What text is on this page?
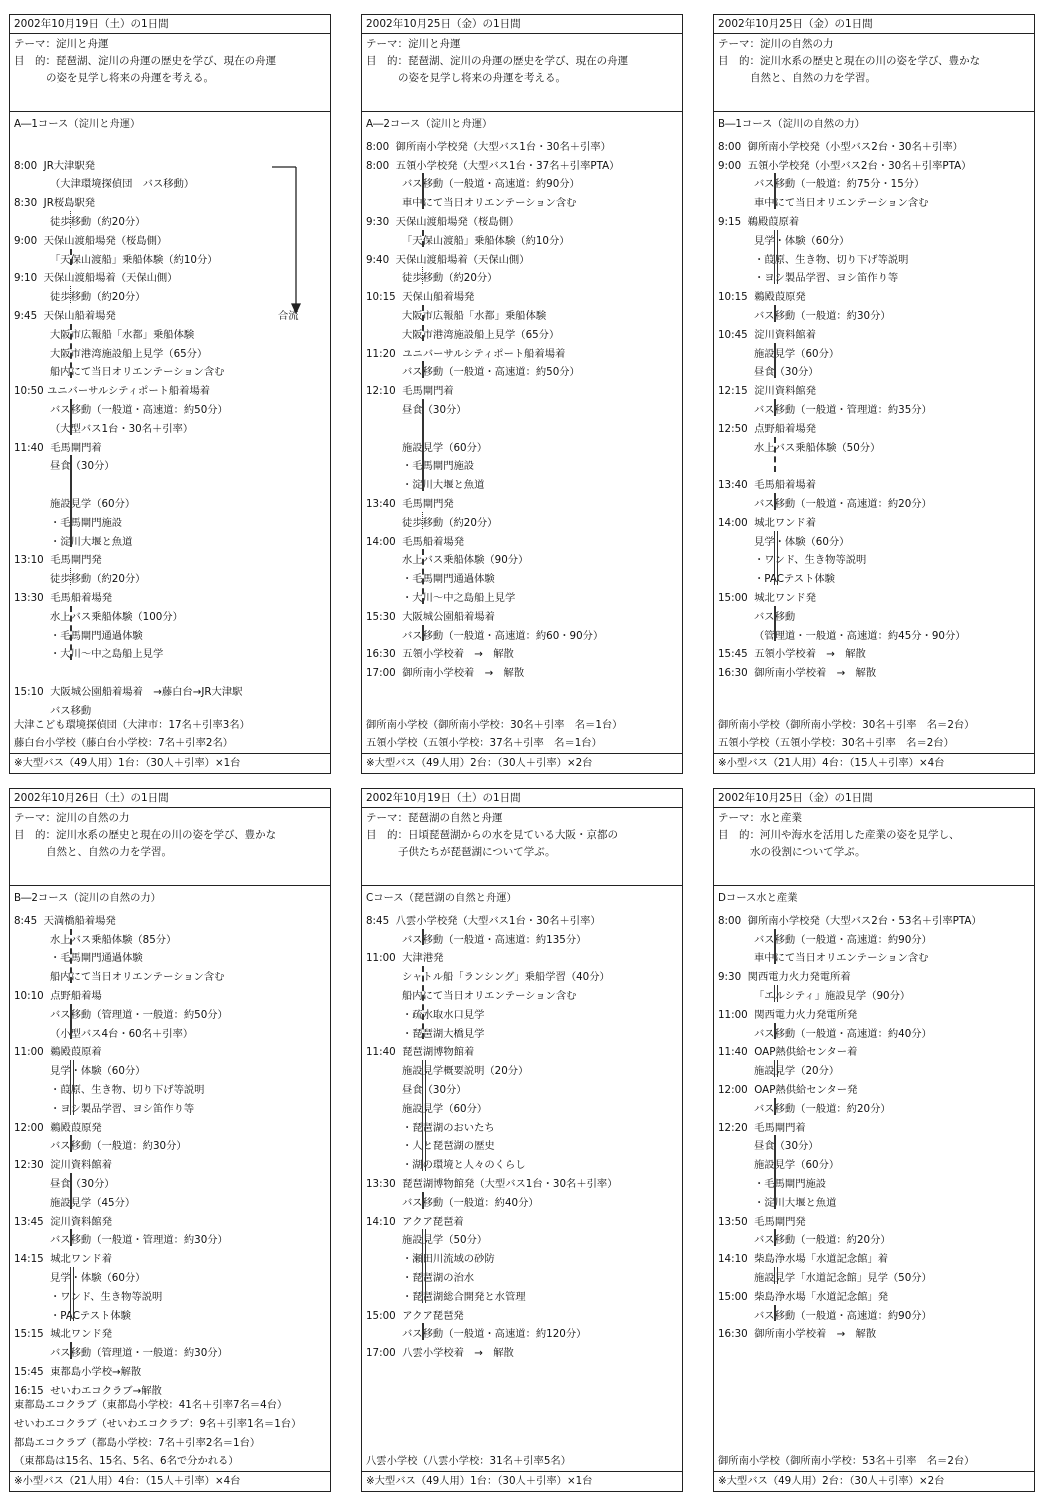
2002年10月19日（土）の1日間
テーマ：淀川と舟運
目　的：琵琶湖、淀川の舟運の歴史を学び、現在の舟運
の姿を見学し将来の舟運を考える。
A―1コース（淀川と舟運）
8:00  JR大津駅発
（大津環境探偵団　バス移動）
8:30  JR桜島駅発
徒歩移動（約20分）
9:00  天保山渡船場発（桜島側）
「天保山渡船」乗船体験（約10分）
9:10  天保山渡船場着（天保山側）
徒歩移動（約20分）
9:45  天保山船着場発
大阪市広報船「水都」乗船体験
大阪市港湾施設船上見学（65分）
船内にて当日オリエンテーション含む
10:50 ユニバーサルシティポート船着場着
バス移動（一般道・高速道：約50分）
（大型バス1台・30名＋引率）
11:40  毛馬閘門着
昼食（30分）
施設見学（60分）
・毛馬閘門施設
・淀川大堰と魚道
13:10  毛馬閘門発
徒歩移動（約20分）
13:30  毛馬船着場発
水上バス乗船体験（100分）
・毛馬閘門通過体験
・大川～中之島船上見学
15:10  大阪城公園船着場着　→藤白台→JR大津駅
バス移動
合流
大津こども環境探偵団（大津市：17名＋引率3名）
藤白台小学校（藤白台小学校：7名＋引率2名）
※大型バス（49人用）1台：（30人＋引率）×1台
2002年10月25日（金）の1日間
テーマ：淀川と舟運
目　的：琵琶湖、淀川の舟運の歴史を学び、現在の舟運
の姿を見学し将来の舟運を考える。
A―2コース（淀川と舟運）
8:00  御所南小学校発（大型バス1台・30名＋引率）
8:00  五領小学校発（大型バス1台・37名＋引率PTA）
バス移動（一般道・高速道：約90分）
車中にて当日オリエンテーション含む
9:30  天保山渡船場発（桜島側）
「天保山渡船」乗船体験（約10分）
9:40  天保山渡船場着（天保山側）
徒歩移動（約20分）
10:15  天保山船着場発
大阪市広報船「水都」乗船体験
大阪市港湾施設船上見学（65分）
11:20  ユニバーサルシティポート船着場着
バス移動（一般道・高速道：約50分）
12:10  毛馬閘門着
昼食（30分）
施設見学（60分）
・毛馬閘門施設
・淀川大堰と魚道
13:40  毛馬閘門発
徒歩移動（約20分）
14:00  毛馬船着場発
水上バス乗船体験（90分）
・毛馬閘門通過体験
・大川～中之島船上見学
15:30  大阪城公園船着場着
バス移動（一般道・高速道：約60・90分）
16:30  五領小学校着　→　解散
17:00  御所南小学校着　→　解散
御所南小学校（御所南小学校：30名＋引率　名＝1台）
五領小学校（五領小学校：37名＋引率　名＝1台）
※大型バス（49人用）2台：（30人＋引率）×2台
2002年10月25日（金）の1日間
テーマ：淀川の自然の力
目　的：淀川水系の歴史と現在の川の姿を学び、豊かな
自然と、自然の力を学習。
B―1コース（淀川の自然の力）
8:00  御所南小学校発（小型バス2台・30名＋引率）
9:00  五領小学校発（小型バス2台・30名＋引率PTA）
バス移動（一般道：約75分・15分）
車中にて当日オリエンテーション含む
9:15  鵜殿葭原着
見学・体験（60分）
・葭原、生き物、切り下げ等説明
・ヨシ製品学習、ヨシ笛作り等
10:15  鵜殿葭原発
バス移動（一般道：約30分）
10:45  淀川資料館着
施設見学（60分）
昼食（30分）
12:15  淀川資料館発
バス移動（一般道・管理道：約35分）
12:50  点野船着場発
水上バス乗船体験（50分）
13:40  毛馬船着場着
バス移動（一般道・高速道：約20分）
14:00  城北ワンド着
見学・体験（60分）
・ワンド、生き物等説明
・PACテスト体験
15:00  城北ワンド発
バス移動
（管理道・一般道・高速道：約45分・90分）
15:45  五領小学校着　→　解散
16:30  御所南小学校着　→　解散
御所南小学校（御所南小学校：30名＋引率　名＝2台）
五領小学校（五領小学校：30名＋引率　名＝2台）
※小型バス（21人用）4台：（15人＋引率）×4台
2002年10月26日（土）の1日間
テーマ：淀川の自然の力
目　的：淀川水系の歴史と現在の川の姿を学び、豊かな
自然と、自然の力を学習。
B―2コース（淀川の自然の力）
8:45  天満橋船着場発
水上バス乗船体験（85分）
・毛馬閘門通過体験
船内にて当日オリエンテーション含む
10:10  点野船着場
バス移動（管理道・一般道：約50分）
（小型バス4台・60名＋引率）
11:00  鵜殿葭原着
見学・体験（60分）
・葭原、生き物、切り下げ等説明
・ヨシ製品学習、ヨシ笛作り等
12:00  鵜殿葭原発
バス移動（一般道：約30分）
12:30  淀川資料館着
昼食（30分）
施設見学（45分）
13:45  淀川資料館発
バス移動（一般道・管理道：約30分）
14:15  城北ワンド着
見学・体験（60分）
・ワンド、生き物等説明
・PACテスト体験
15:15  城北ワンド発
バス移動（管理道・一般道：約30分）
15:45  東都島小学校→解散
16:15  せいわエコクラブ→解散
東都島エコクラブ（東都島小学校：41名＋引率7名＝4台）
せいわエコクラブ（せいわエコクラブ：9名＋引率1名＝1台）
都島エコクラブ（都島小学校：7名＋引率2名＝1台）
（東都島は15名、15名、5名、6名で分かれる）
※小型バス（21人用）4台：（15人＋引率）×4台
2002年10月19日（土）の1日間
テーマ：琵琶湖の自然と舟運
目　的：日頃琵琶湖からの水を見ている大阪・京都の
子供たちが琵琶湖について学ぶ。
Cコース（琵琶湖の自然と舟運）
8:45  八雲小学校発（大型バス1台・30名＋引率）
バス移動（一般道・高速道：約135分）
11:00  大津港発
シャトル船「ランシング」乗船学習（40分）
船内にて当日オリエンテーション含む
・疏水取水口見学
・琵琶湖大橋見学
11:40  琵琶湖博物館着
施設見学概要説明（20分）
昼食（30分）
施設見学（60分）
・琵琶湖のおいたち
・人と琵琶湖の歴史
・湖の環境と人々のくらし
13:30  琵琶湖博物館発（大型バス1台・30名＋引率）
バス移動（一般道：約40分）
14:10  アクア琵琶着
施設見学（50分）
・瀬田川流域の砂防
・琵琶湖の治水
・琵琶湖総合開発と水管理
15:00  アクア琵琶発
バス移動（一般道・高速道：約120分）
17:00  八雲小学校着　→　解散
八雲小学校（八雲小学校：31名＋引率5名）
※大型バス（49人用）1台：（30人＋引率）×1台
2002年10月25日（金）の1日間
テーマ：水と産業
目　的：河川や海水を活用した産業の姿を見学し、
水の役割について学ぶ。
Dコース水と産業
8:00  御所南小学校発（大型バス2台・53名＋引率PTA）
バス移動（一般道・高速道：約90分）
車中にて当日オリエンテーション含む
9:30  関西電力火力発電所着
「エルシティ」施設見学（90分）
11:00  関西電力火力発電所発
バス移動（一般道・高速道：約40分）
11:40  OAP熱供給センター着
施設見学（20分）
12:00  OAP熱供給センター発
バス移動（一般道：約20分）
12:20  毛馬閘門着
昼食（30分）
施設見学（60分）
・毛馬閘門施設
・淀川大堰と魚道
13:50  毛馬閘門発
バス移動（一般道：約20分）
14:10  柴島浄水場「水道記念館」着
施設見学「水道記念館」見学（50分）
15:00  柴島浄水場「水道記念館」発
バス移動（一般道・高速道：約90分）
16:30  御所南小学校着　→　解散
御所南小学校（御所南小学校：53名＋引率　名＝2台）
※大型バス（49人用）2台：（30人＋引率）×2台
